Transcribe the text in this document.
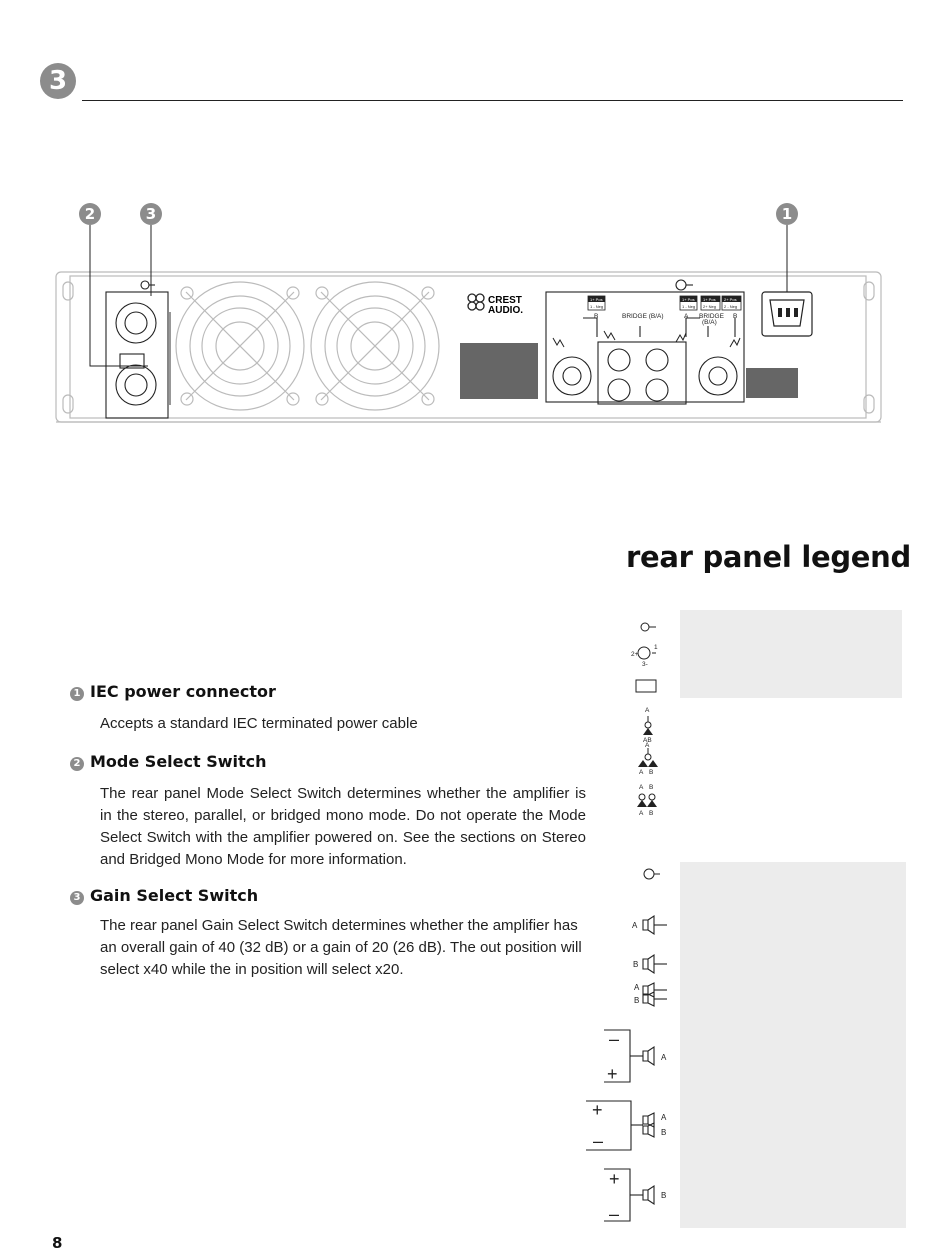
3
CREST
AUDIO.
1+ Pos
1 - Neg
1+ Pos
1 - Neg
1+ Pos
2+ Neg
2+ Pos
2 - Neg
B	BRIDGE (B/A)	A BRIDGE
(B/A)
B
2+
1
3-
A
AB
A
A B
A B
A B
A
B
A
B
A
A
B
B
–
+
+
–
+
–
2	3	1
rear panel legend
1 IEC power connector
Accepts a standard IEC terminated power cable
2 Mode Select Switch
The rear panel Mode Select Switch determines whether the amplifier is in the stereo, parallel, or bridged mono mode. Do not operate the Mode Select Switch with the amplifier powered on. See the sections on Stereo and Bridged Mono Mode for more information.
3 Gain Select Switch
The rear panel Gain Select Switch determines whether the amplifier has an overall gain of 40 (32 dB) or a gain of 20 (26 dB). The out position will select x40 while the in position will select x20.
8
